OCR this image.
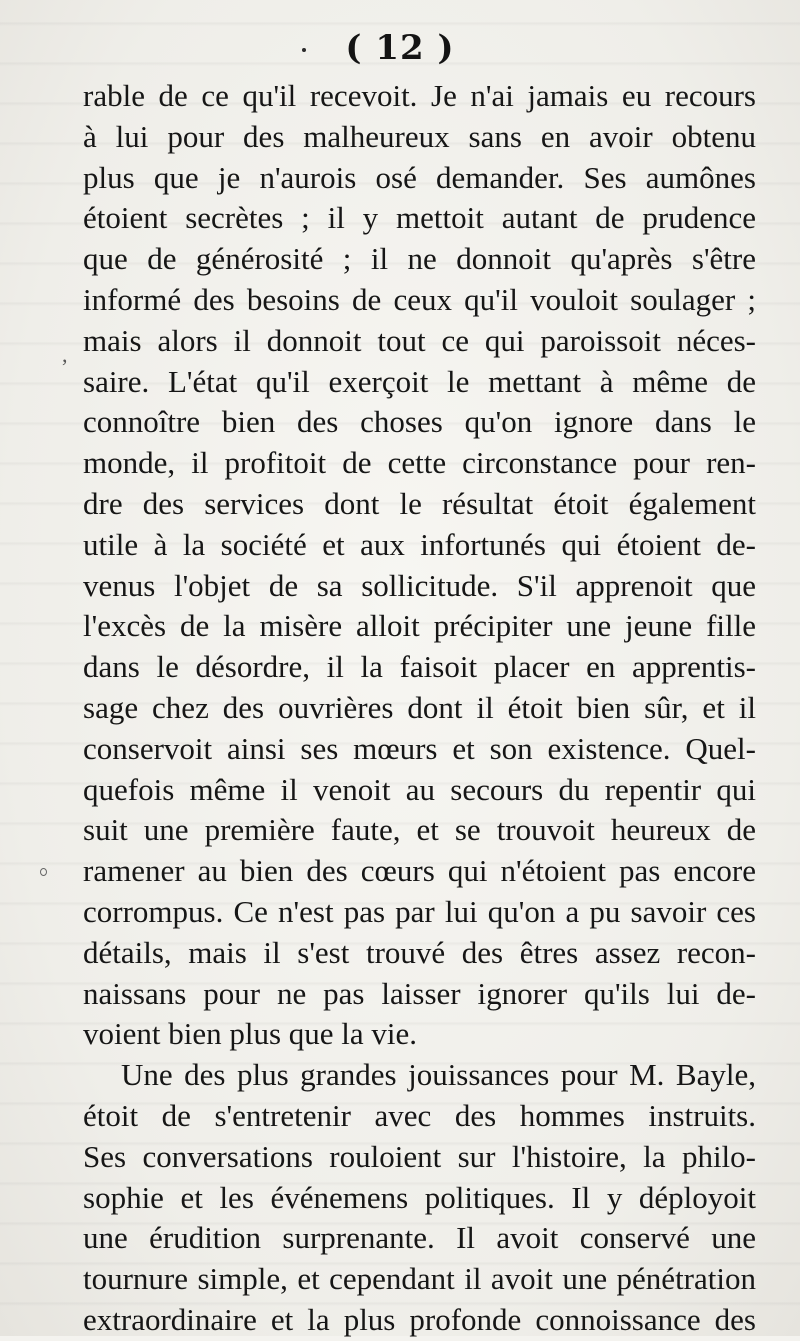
( 12 )
,
rable de ce qu'il recevoit. Je n'ai jamais eu recours
à lui pour des malheureux sans en avoir obtenu
plus que je n'aurois osé demander. Ses aumônes
étoient secrètes ; il y mettoit autant de prudence
que de générosité ; il ne donnoit qu'après s'être
informé des besoins de ceux qu'il vouloit soulager ;
mais alors il donnoit tout ce qui paroissoit néces-
saire. L'état qu'il exerçoit le mettant à même de
connoître bien des choses qu'on ignore dans le
monde, il profitoit de cette circonstance pour ren-
dre des services dont le résultat étoit également
utile à la société et aux infortunés qui étoient de-
venus l'objet de sa sollicitude. S'il apprenoit que
l'excès de la misère alloit précipiter une jeune fille
dans le désordre, il la faisoit placer en apprentis-
sage chez des ouvrières dont il étoit bien sûr, et il
conservoit ainsi ses mœurs et son existence. Quel-
quefois même il venoit au secours du repentir qui
suit une première faute, et se trouvoit heureux de
ramener au bien des cœurs qui n'étoient pas encore
corrompus. Ce n'est pas par lui qu'on a pu savoir ces
détails, mais il s'est trouvé des êtres assez recon-
naissans pour ne pas laisser ignorer qu'ils lui de-
voient bien plus que la vie.
Une des plus grandes jouissances pour M. Bayle,
étoit de s'entretenir avec des hommes instruits.
Ses conversations rouloient sur l'histoire, la philo-
sophie et les événemens politiques. Il y déployoit
une érudition surprenante. Il avoit conservé une
tournure simple, et cependant il avoit une pénétration
extraordinaire et la plus profonde connoissance des
